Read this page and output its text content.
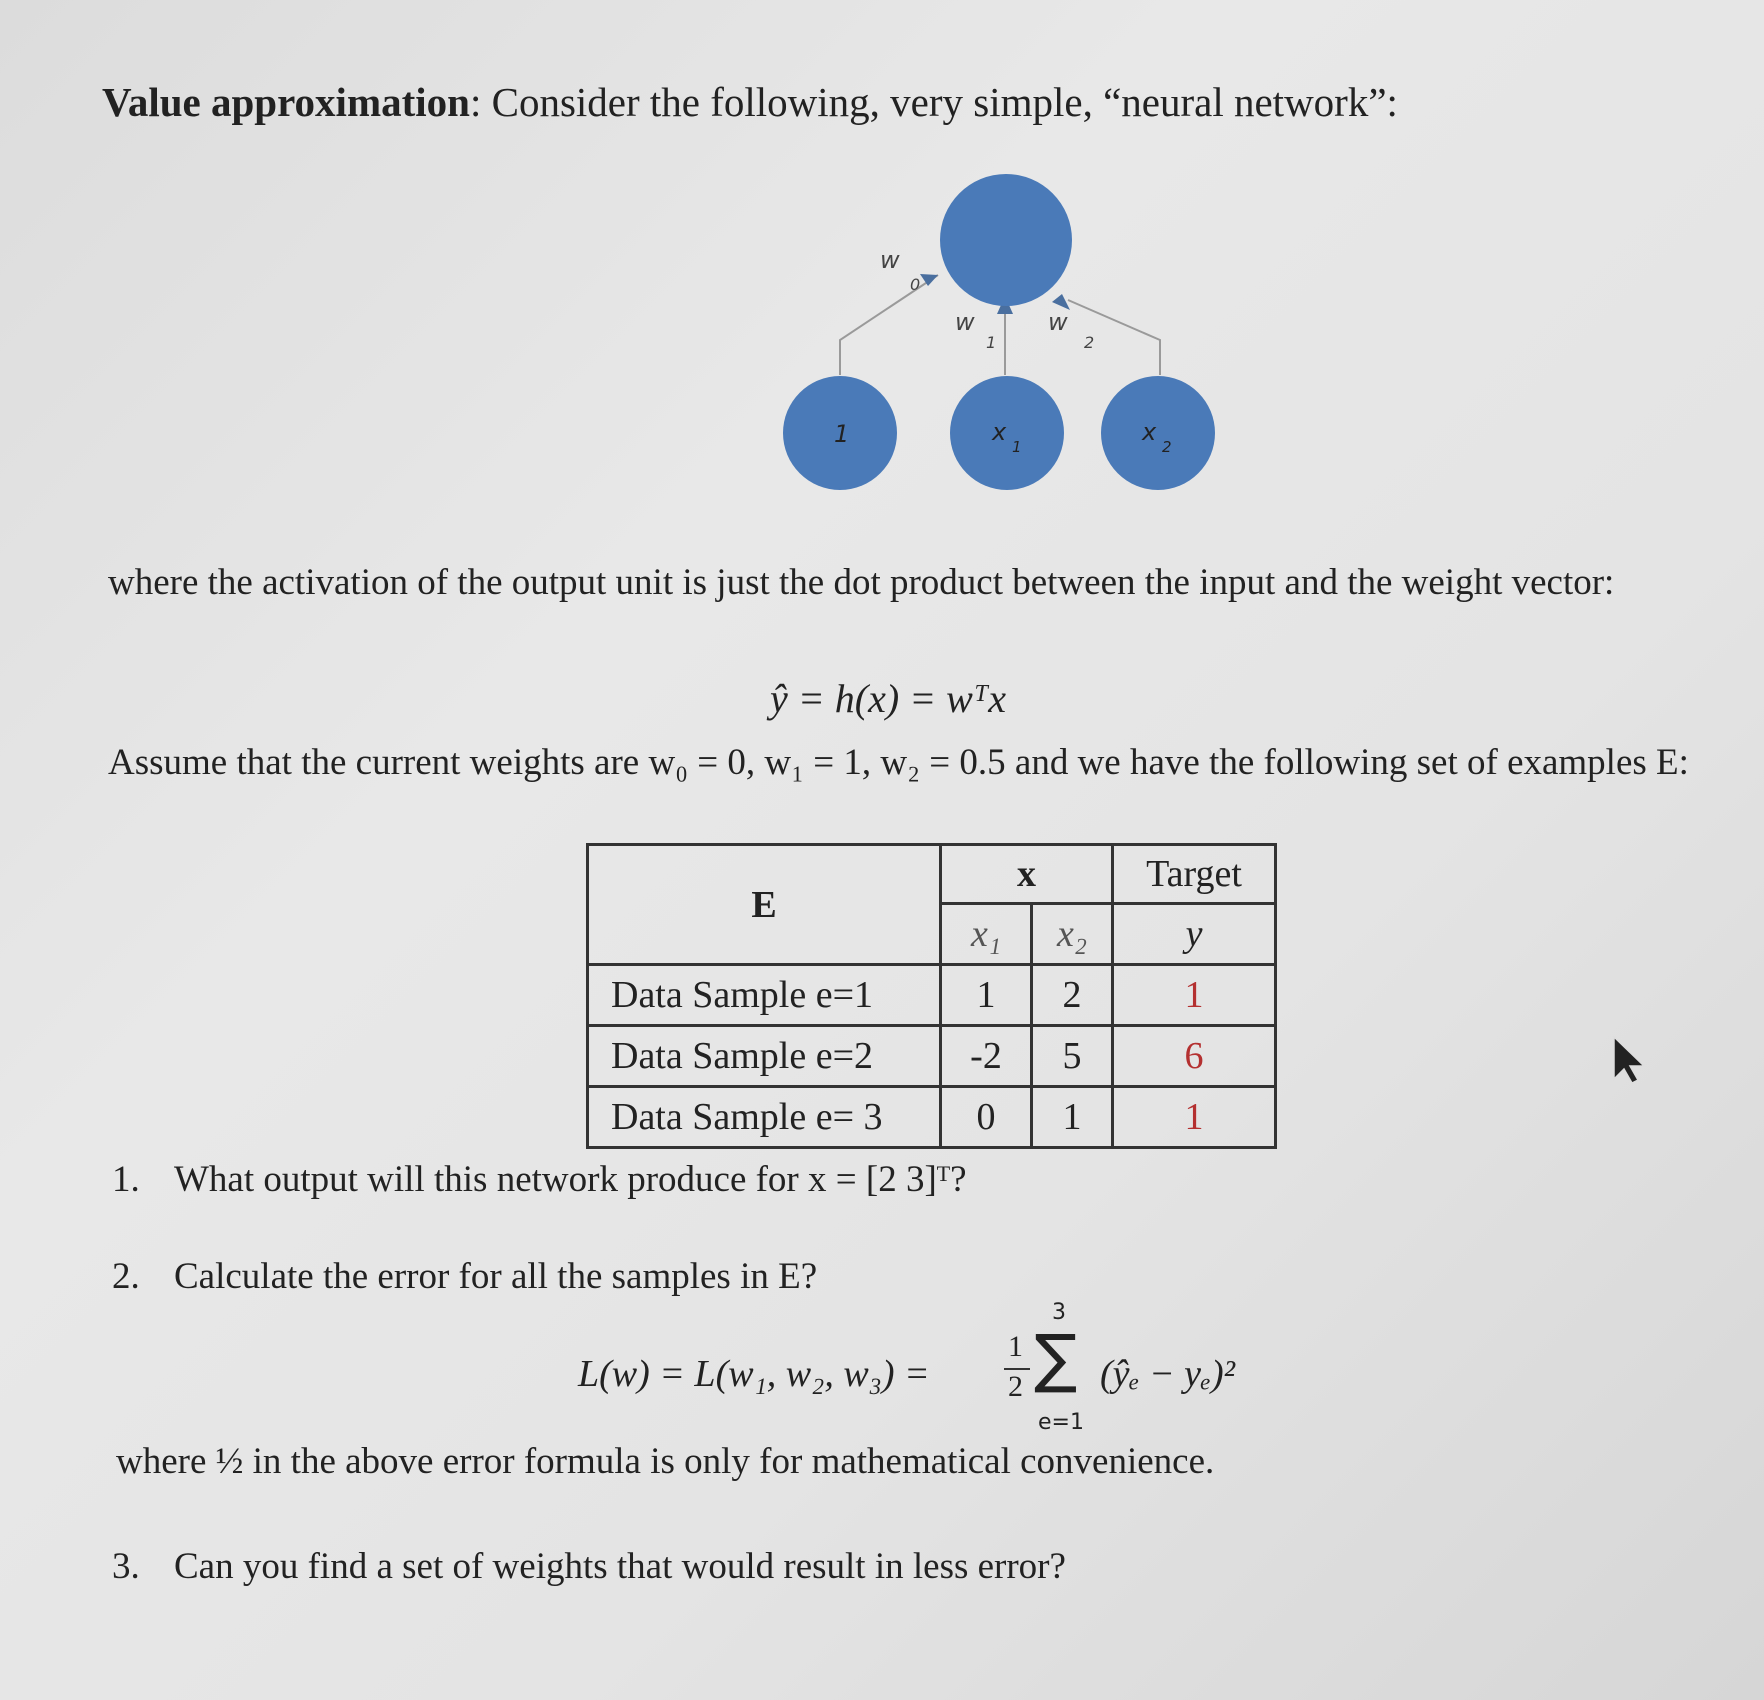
Value approximation: Consider the following, very simple, “neural network”:
w
0
w
1
w
2
1	x
1
x
2
where the activation of the output unit is just the dot product between the input and the weight vector:
ŷ = h(x) = wᵀx
Assume that the current weights are w₀ = 0, w₁ = 1, w₂ = 0.5 and we have the following set of examples E:
E	x		Target
	x₁	x₂	y
Data Sample e=1	1	2	1
Data Sample e=2	-2	5	6
Data Sample e= 3	0	1	1
1. What output will this network produce for x = [2 3]ᵀ?
2. Calculate the error for all the samples in E?
L(w) = L(w₁, w₂, w₃) =
1
2
3
∑
e=1
(ŷₑ − yₑ)²
where ½ in the above error formula is only for mathematical convenience.
3. Can you find a set of weights that would result in less error?
